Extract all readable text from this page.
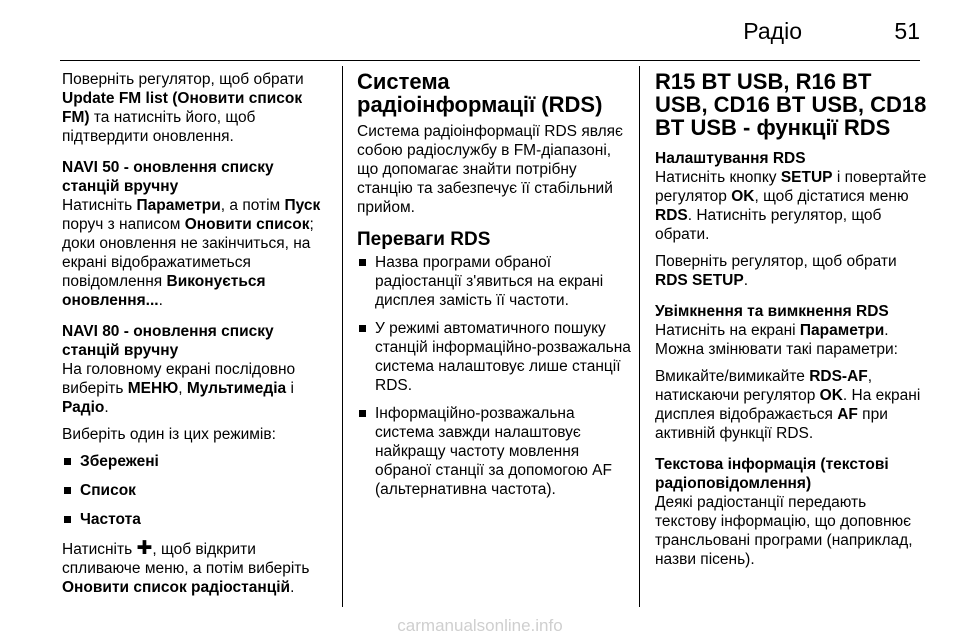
Радіо	51

Поверніть регулятор, щоб обрати Update FM list (Оновити список FM) та натисніть його, щоб підтвердити оновлення.

NAVI 50 - оновлення списку станцій вручну
Натисніть Параметри, а потім Пуск поруч з написом Оновити список; доки оновлення не закінчиться, на екрані відображатиметься повідомлення Виконується оновлення....

NAVI 80 - оновлення списку станцій вручну
На головному екрані послідовно виберіть МЕНЮ, Мультимедіа і Радіо.

Виберіть один із цих режимів:

Збережені
Список
Частота

Натисніть ✚, щоб відкрити спливаюче меню, а потім виберіть Оновити список радіостанцій.

Система радіоінформації (RDS)

Система радіоінформації RDS являє собою радіослужбу в FM-діапазоні, що допомагає знайти потрібну станцію та забезпечує її стабільний прийом.

Переваги RDS
Назва програми обраної радіостанції з'явиться на екрані дисплея замість її частоти.
У режимі автоматичного пошуку станцій інформаційно-розважальна система налаштовує лише станції RDS.
Інформаційно-розважальна система завжди налаштовує найкращу частоту мовлення обраної станції за допомогою AF (альтернативна частота).
R15 BT USB, R16 BT USB, CD16 BT USB, CD18 BT USB - функції RDS

Налаштування RDS
Натисніть кнопку SETUP і повертайте регулятор OK, щоб дістатися меню RDS. Натисніть регулятор, щоб обрати.

Поверніть регулятор, щоб обрати RDS SETUP.

Увімкнення та вимкнення RDS
Натисніть на екрані Параметри. Можна змінювати такі параметри:

Вмикайте/вимикайте RDS-AF, натискаючи регулятор OK. На екрані дисплея відображається AF при активній функції RDS.

Текстова інформація (текстові радіоповідомлення)
Деякі радіостанції передають текстову інформацію, що доповнює трансльовані програми (наприклад, назви пісень).

carmanualsonline.info
